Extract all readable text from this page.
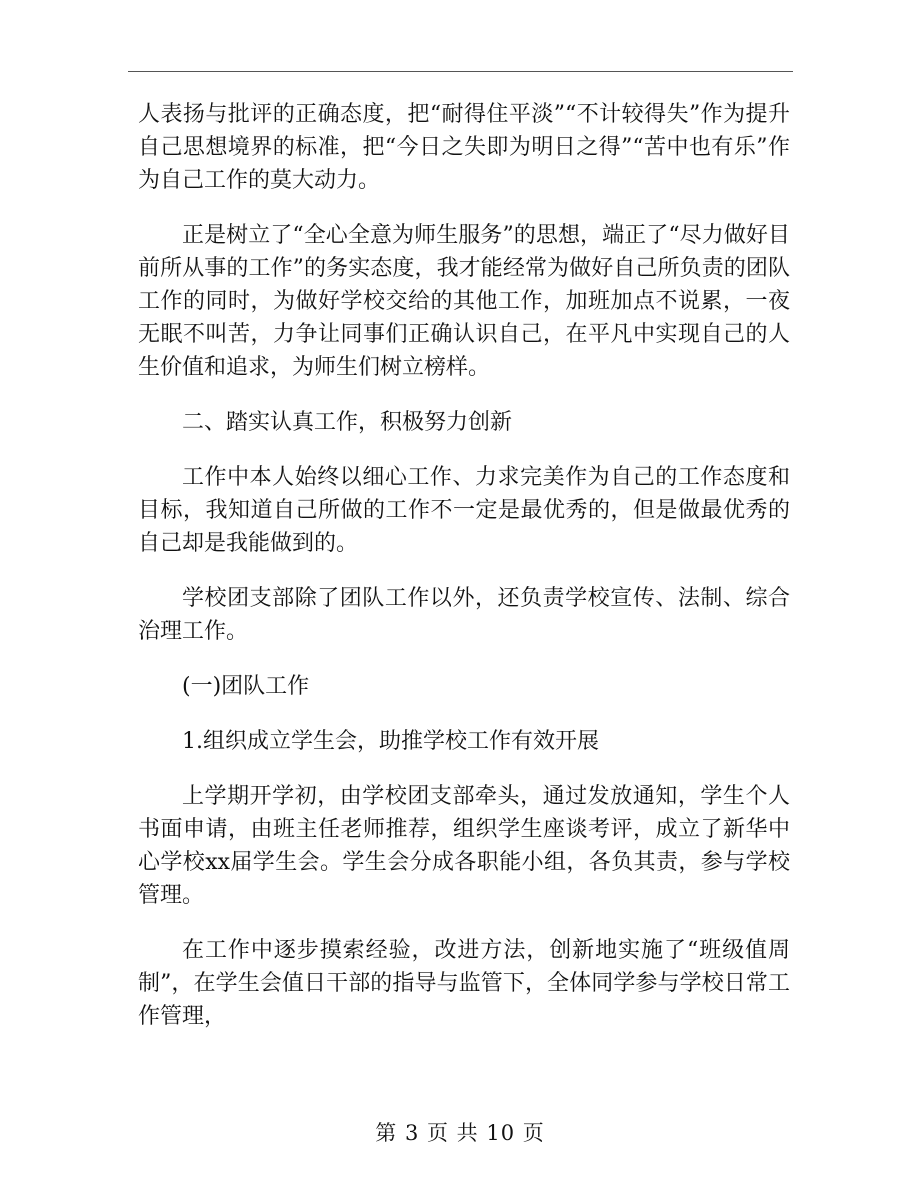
人表扬与批评的正确态度，把“耐得住平淡”“不计较得失”作为提升自己思想境界的标准，把“今日之失即为明日之得”“苦中也有乐”作为自己工作的莫大动力。

正是树立了“全心全意为师生服务”的思想，端正了“尽力做好目前所从事的工作”的务实态度，我才能经常为做好自己所负责的团队工作的同时，为做好学校交给的其他工作，加班加点不说累，一夜无眠不叫苦，力争让同事们正确认识自己，在平凡中实现自己的人生价值和追求，为师生们树立榜样。

二、踏实认真工作，积极努力创新

工作中本人始终以细心工作、力求完美作为自己的工作态度和目标，我知道自己所做的工作不一定是最优秀的，但是做最优秀的自己却是我能做到的。

学校团支部除了团队工作以外，还负责学校宣传、法制、综合治理工作。

(一)团队工作

1.组织成立学生会，助推学校工作有效开展

上学期开学初，由学校团支部牵头，通过发放通知，学生个人书面申请，由班主任老师推荐，组织学生座谈考评，成立了新华中心学校xx届学生会。学生会分成各职能小组，各负其责，参与学校管理。

在工作中逐步摸索经验，改进方法，创新地实施了“班级值周制”，在学生会值日干部的指导与监管下，全体同学参与学校日常工作管理，

第 3 页 共 10 页
